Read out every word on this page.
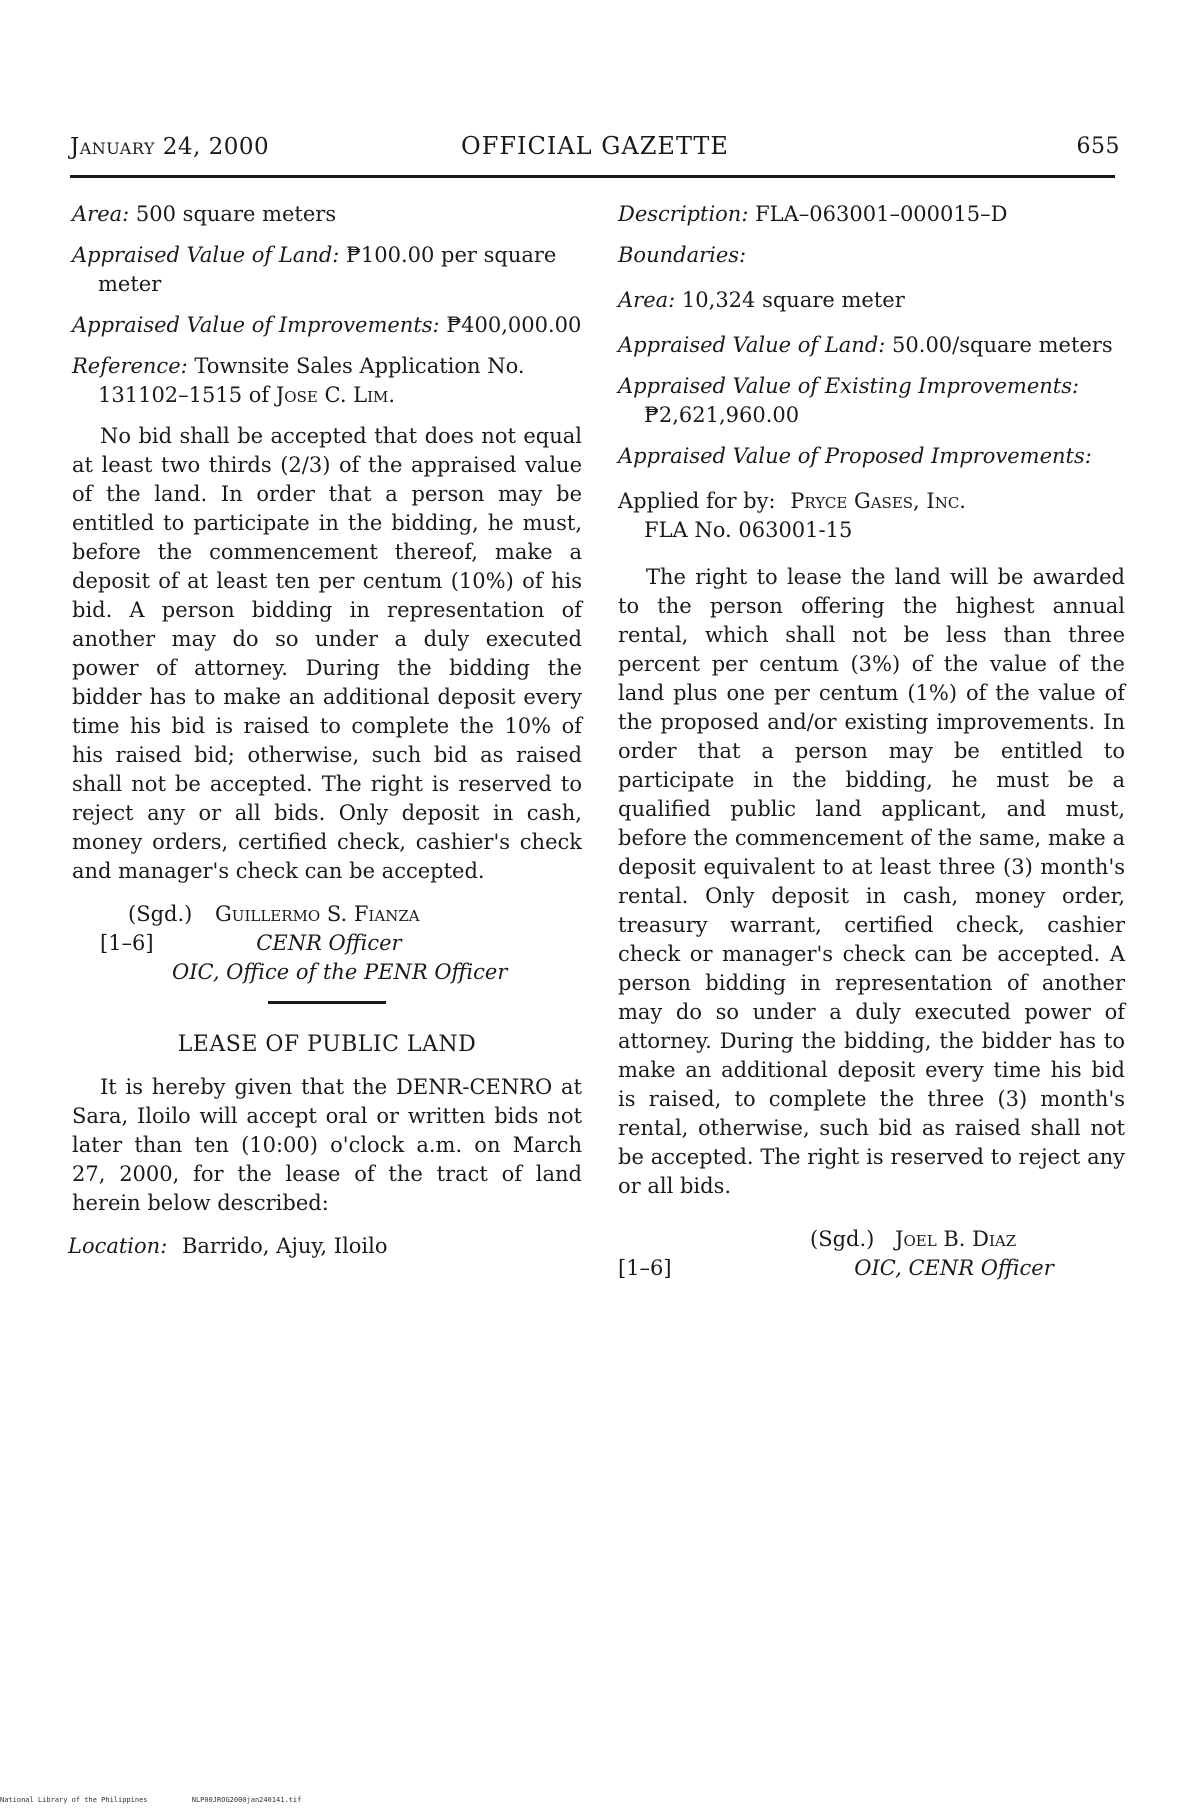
January 24, 2000	OFFICIAL GAZETTE	655
Area: 500 square meters
Appraised Value of Land: ₱100.00 per square meter
Appraised Value of Improvements: ₱400,000.00
Reference: Townsite Sales Application No. 131102–1515 of Jose C. Lim.

No bid shall be accepted that does not equal at least two thirds (2/3) of the appraised value of the land. In order that a person may be entitled to participate in the bidding, he must, before the commencement thereof, make a deposit of at least ten per centum (10%) of his bid. A person bidding in representation of another may do so under a duly executed power of attorney. During the bidding the bidder has to make an additional deposit every time his bid is raised to complete the 10% of his raised bid; otherwise, such bid as raised shall not be accepted. The right is reserved to reject any or all bids. Only deposit in cash, money orders, certified check, cashier's check and manager's check can be accepted.

(Sgd.) Guillermo S. Fianza
[1–6]	CENR Officer
OIC, Office of the PENR Officer
LEASE OF PUBLIC LAND

It is hereby given that the DENR-CENRO at Sara, Iloilo will accept oral or written bids not later than ten (10:00) o'clock a.m. on March 27, 2000, for the lease of the tract of land herein below described:

Location: Barrido, Ajuy, Iloilo
Description: FLA–063001–000015–D
Boundaries:
Area: 10,324 square meter
Appraised Value of Land: 50.00/square meters
Appraised Value of Existing Improvements: ₱2,621,960.00
Appraised Value of Proposed Improvements:
Applied for by: Pryce Gases, Inc.
FLA No. 063001-15

The right to lease the land will be awarded to the person offering the highest annual rental, which shall not be less than three percent per centum (3%) of the value of the land plus one per centum (1%) of the value of the proposed and/or existing improvements. In order that a person may be entitled to participate in the bidding, he must be a qualified public land applicant, and must, before the commencement of the same, make a deposit equivalent to at least three (3) month's rental. Only deposit in cash, money order, treasury warrant, certified check, cashier check or manager's check can be accepted. A person bidding in representation of another may do so under a duly executed power of attorney. During the bidding, the bidder has to make an additional deposit every time his bid is raised, to complete the three (3) month's rental, otherwise, such bid as raised shall not be accepted. The right is reserved to reject any or all bids.

(Sgd.) Joel B. Diaz
[1–6]	OIC, CENR Officer
National Library of the Philippines	NLP00JROG2000jan240141.tif
